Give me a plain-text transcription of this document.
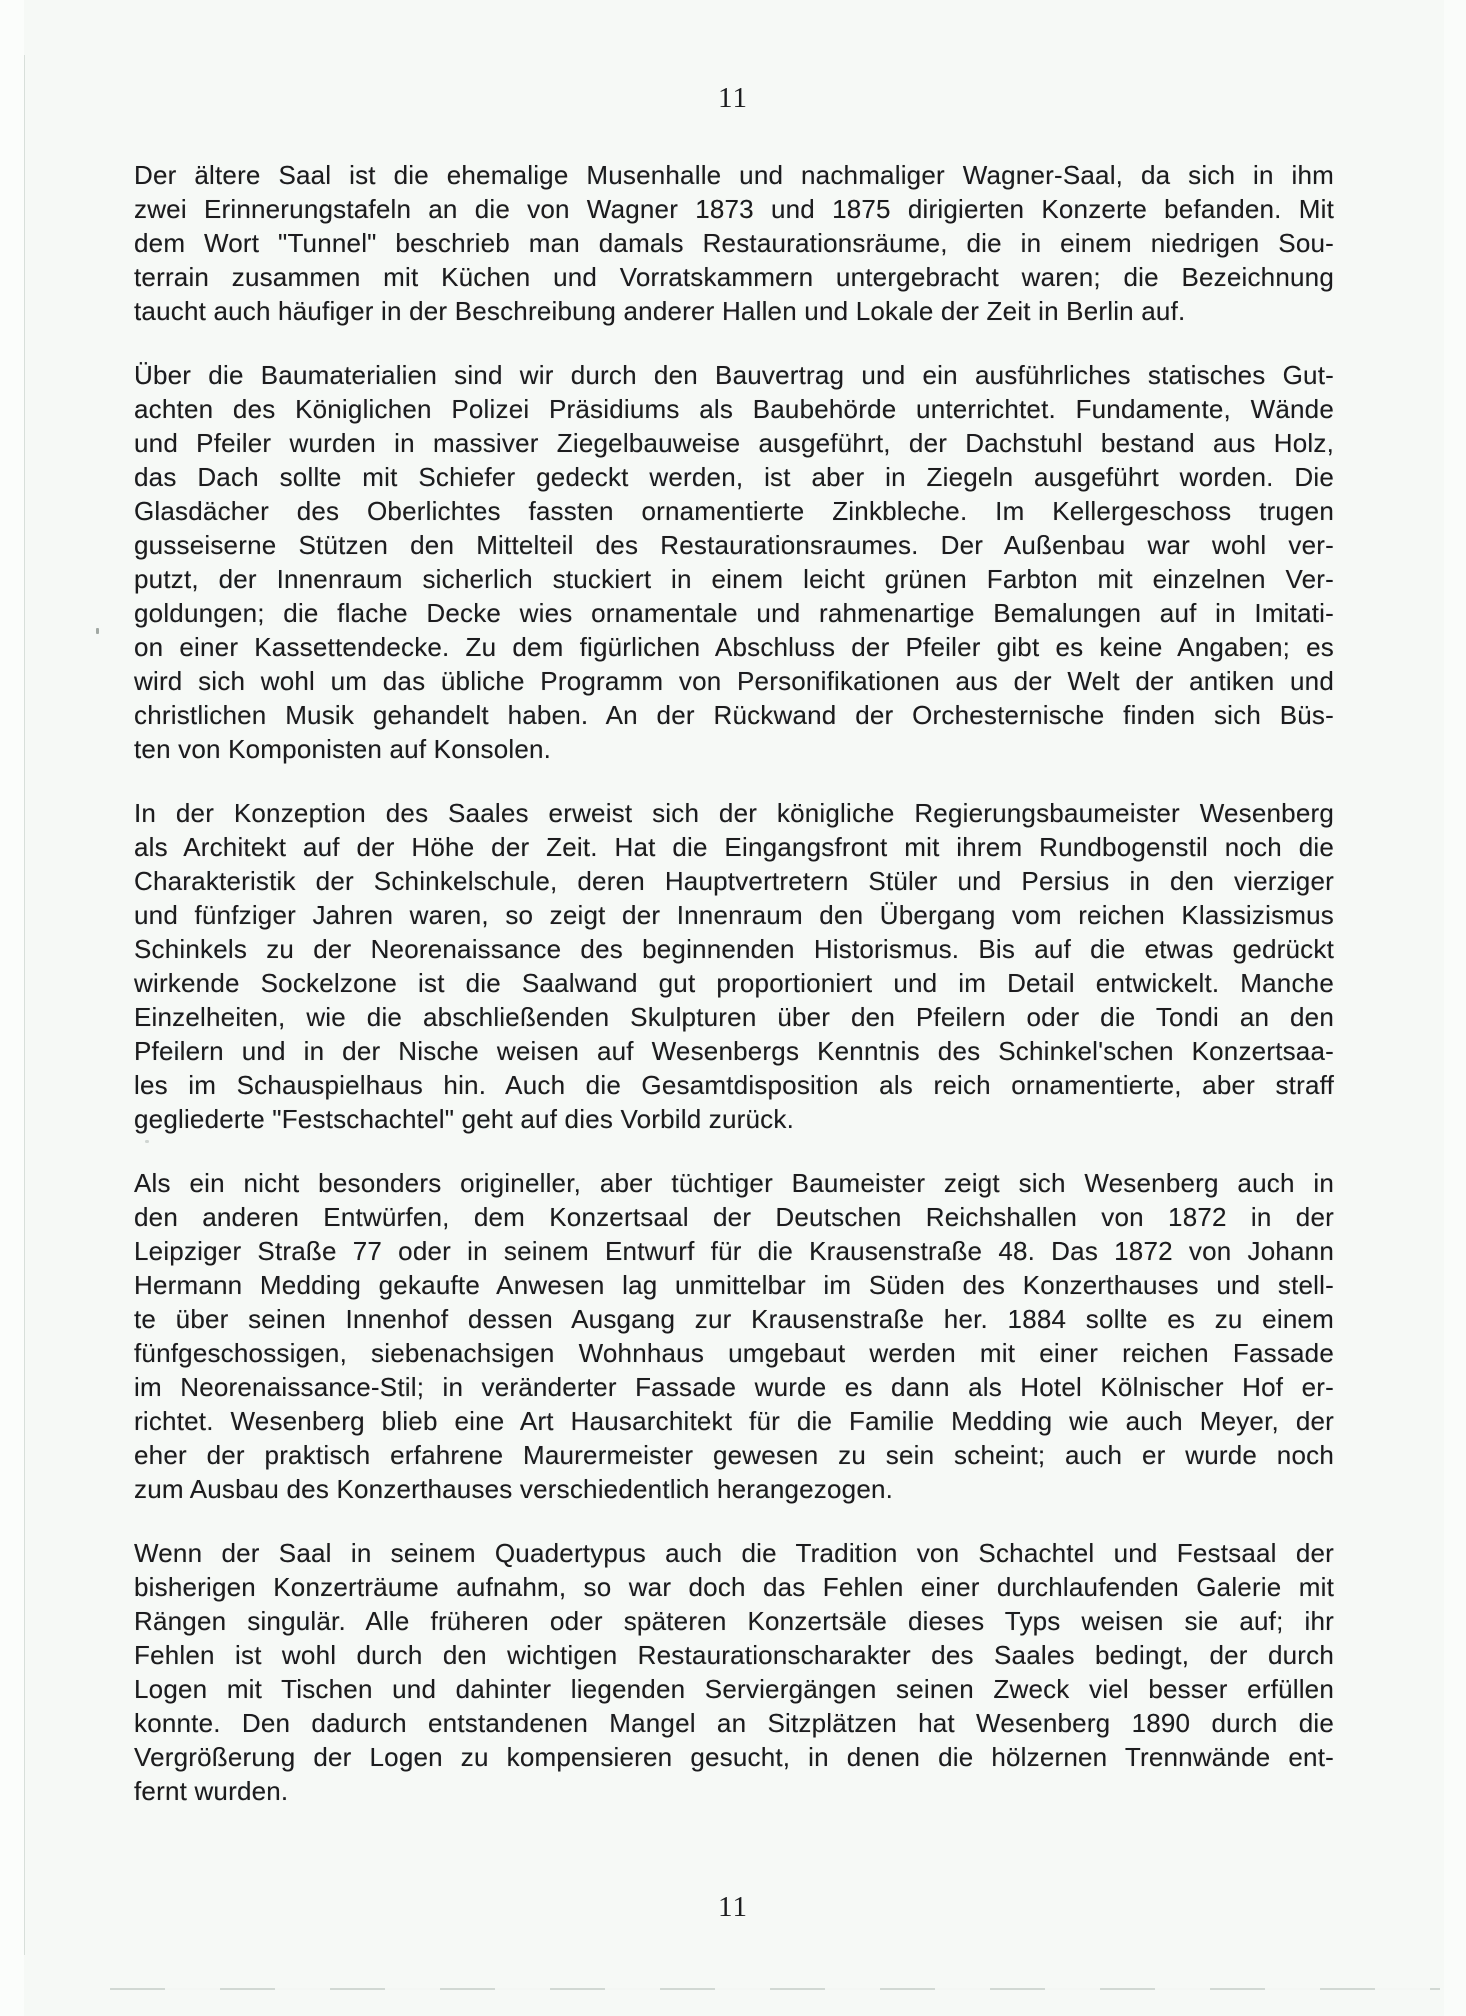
11
Der ältere Saal ist die ehemalige Musenhalle und nachmaliger Wagner-Saal, da sich in ihm
zwei Erinnerungstafeln an die von Wagner 1873 und 1875 dirigierten Konzerte befanden. Mit
dem Wort "Tunnel" beschrieb man damals Restaurationsräume, die in einem niedrigen Sou-
terrain zusammen mit Küchen und Vorratskammern untergebracht waren; die Bezeichnung
taucht auch häufiger in der Beschreibung anderer Hallen und Lokale der Zeit in Berlin auf.
Über die Baumaterialien sind wir durch den Bauvertrag und ein ausführliches statisches Gut-
achten des Königlichen Polizei Präsidiums als Baubehörde unterrichtet. Fundamente, Wände
und Pfeiler wurden in massiver Ziegelbauweise ausgeführt, der Dachstuhl bestand aus Holz,
das Dach sollte mit Schiefer gedeckt werden, ist aber in Ziegeln ausgeführt worden. Die
Glasdächer des Oberlichtes fassten ornamentierte Zinkbleche. Im Kellergeschoss trugen
gusseiserne Stützen den Mittelteil des Restaurationsraumes. Der Außenbau war wohl ver-
putzt, der Innenraum sicherlich stuckiert in einem leicht grünen Farbton mit einzelnen Ver-
goldungen; die flache Decke wies ornamentale und rahmenartige Bemalungen auf in Imitati-
on einer Kassettendecke. Zu dem figürlichen Abschluss der Pfeiler gibt es keine Angaben; es
wird sich wohl um das übliche Programm von Personifikationen aus der Welt der antiken und
christlichen Musik gehandelt haben. An der Rückwand der Orchesternische finden sich Büs-
ten von Komponisten auf Konsolen.
In der Konzeption des Saales erweist sich der königliche Regierungsbaumeister Wesenberg
als Architekt auf der Höhe der Zeit. Hat die Eingangsfront mit ihrem Rundbogenstil noch die
Charakteristik der Schinkelschule, deren Hauptvertretern Stüler und Persius in den vierziger
und fünfziger Jahren waren, so zeigt der Innenraum den Übergang vom reichen Klassizismus
Schinkels zu der Neorenaissance des beginnenden Historismus. Bis auf die etwas gedrückt
wirkende Sockelzone ist die Saalwand gut proportioniert und im Detail entwickelt. Manche
Einzelheiten, wie die abschließenden Skulpturen über den Pfeilern oder die Tondi an den
Pfeilern und in der Nische weisen auf Wesenbergs Kenntnis des Schinkel'schen Konzertsaa-
les im Schauspielhaus hin. Auch die Gesamtdisposition als reich ornamentierte, aber straff
gegliederte "Festschachtel" geht auf dies Vorbild zurück.
Als ein nicht besonders origineller, aber tüchtiger Baumeister zeigt sich Wesenberg auch in
den anderen Entwürfen, dem Konzertsaal der Deutschen Reichshallen von 1872 in der
Leipziger Straße 77 oder in seinem Entwurf für die Krausenstraße 48. Das 1872 von Johann
Hermann Medding gekaufte Anwesen lag unmittelbar im Süden des Konzerthauses und stell-
te über seinen Innenhof dessen Ausgang zur Krausenstraße her. 1884 sollte es zu einem
fünfgeschossigen, siebenachsigen Wohnhaus umgebaut werden mit einer reichen Fassade
im Neorenaissance-Stil; in veränderter Fassade wurde es dann als Hotel Kölnischer Hof er-
richtet. Wesenberg blieb eine Art Hausarchitekt für die Familie Medding wie auch Meyer, der
eher der praktisch erfahrene Maurermeister gewesen zu sein scheint; auch er wurde noch
zum Ausbau des Konzerthauses verschiedentlich herangezogen.
Wenn der Saal in seinem Quadertypus auch die Tradition von Schachtel und Festsaal der
bisherigen Konzerträume aufnahm, so war doch das Fehlen einer durchlaufenden Galerie mit
Rängen singulär. Alle früheren oder späteren Konzertsäle dieses Typs weisen sie auf; ihr
Fehlen ist wohl durch den wichtigen Restaurationscharakter des Saales bedingt, der durch
Logen mit Tischen und dahinter liegenden Serviergängen seinen Zweck viel besser erfüllen
konnte. Den dadurch entstandenen Mangel an Sitzplätzen hat Wesenberg 1890 durch die
Vergrößerung der Logen zu kompensieren gesucht, in denen die hölzernen Trennwände ent-
fernt wurden.
11
